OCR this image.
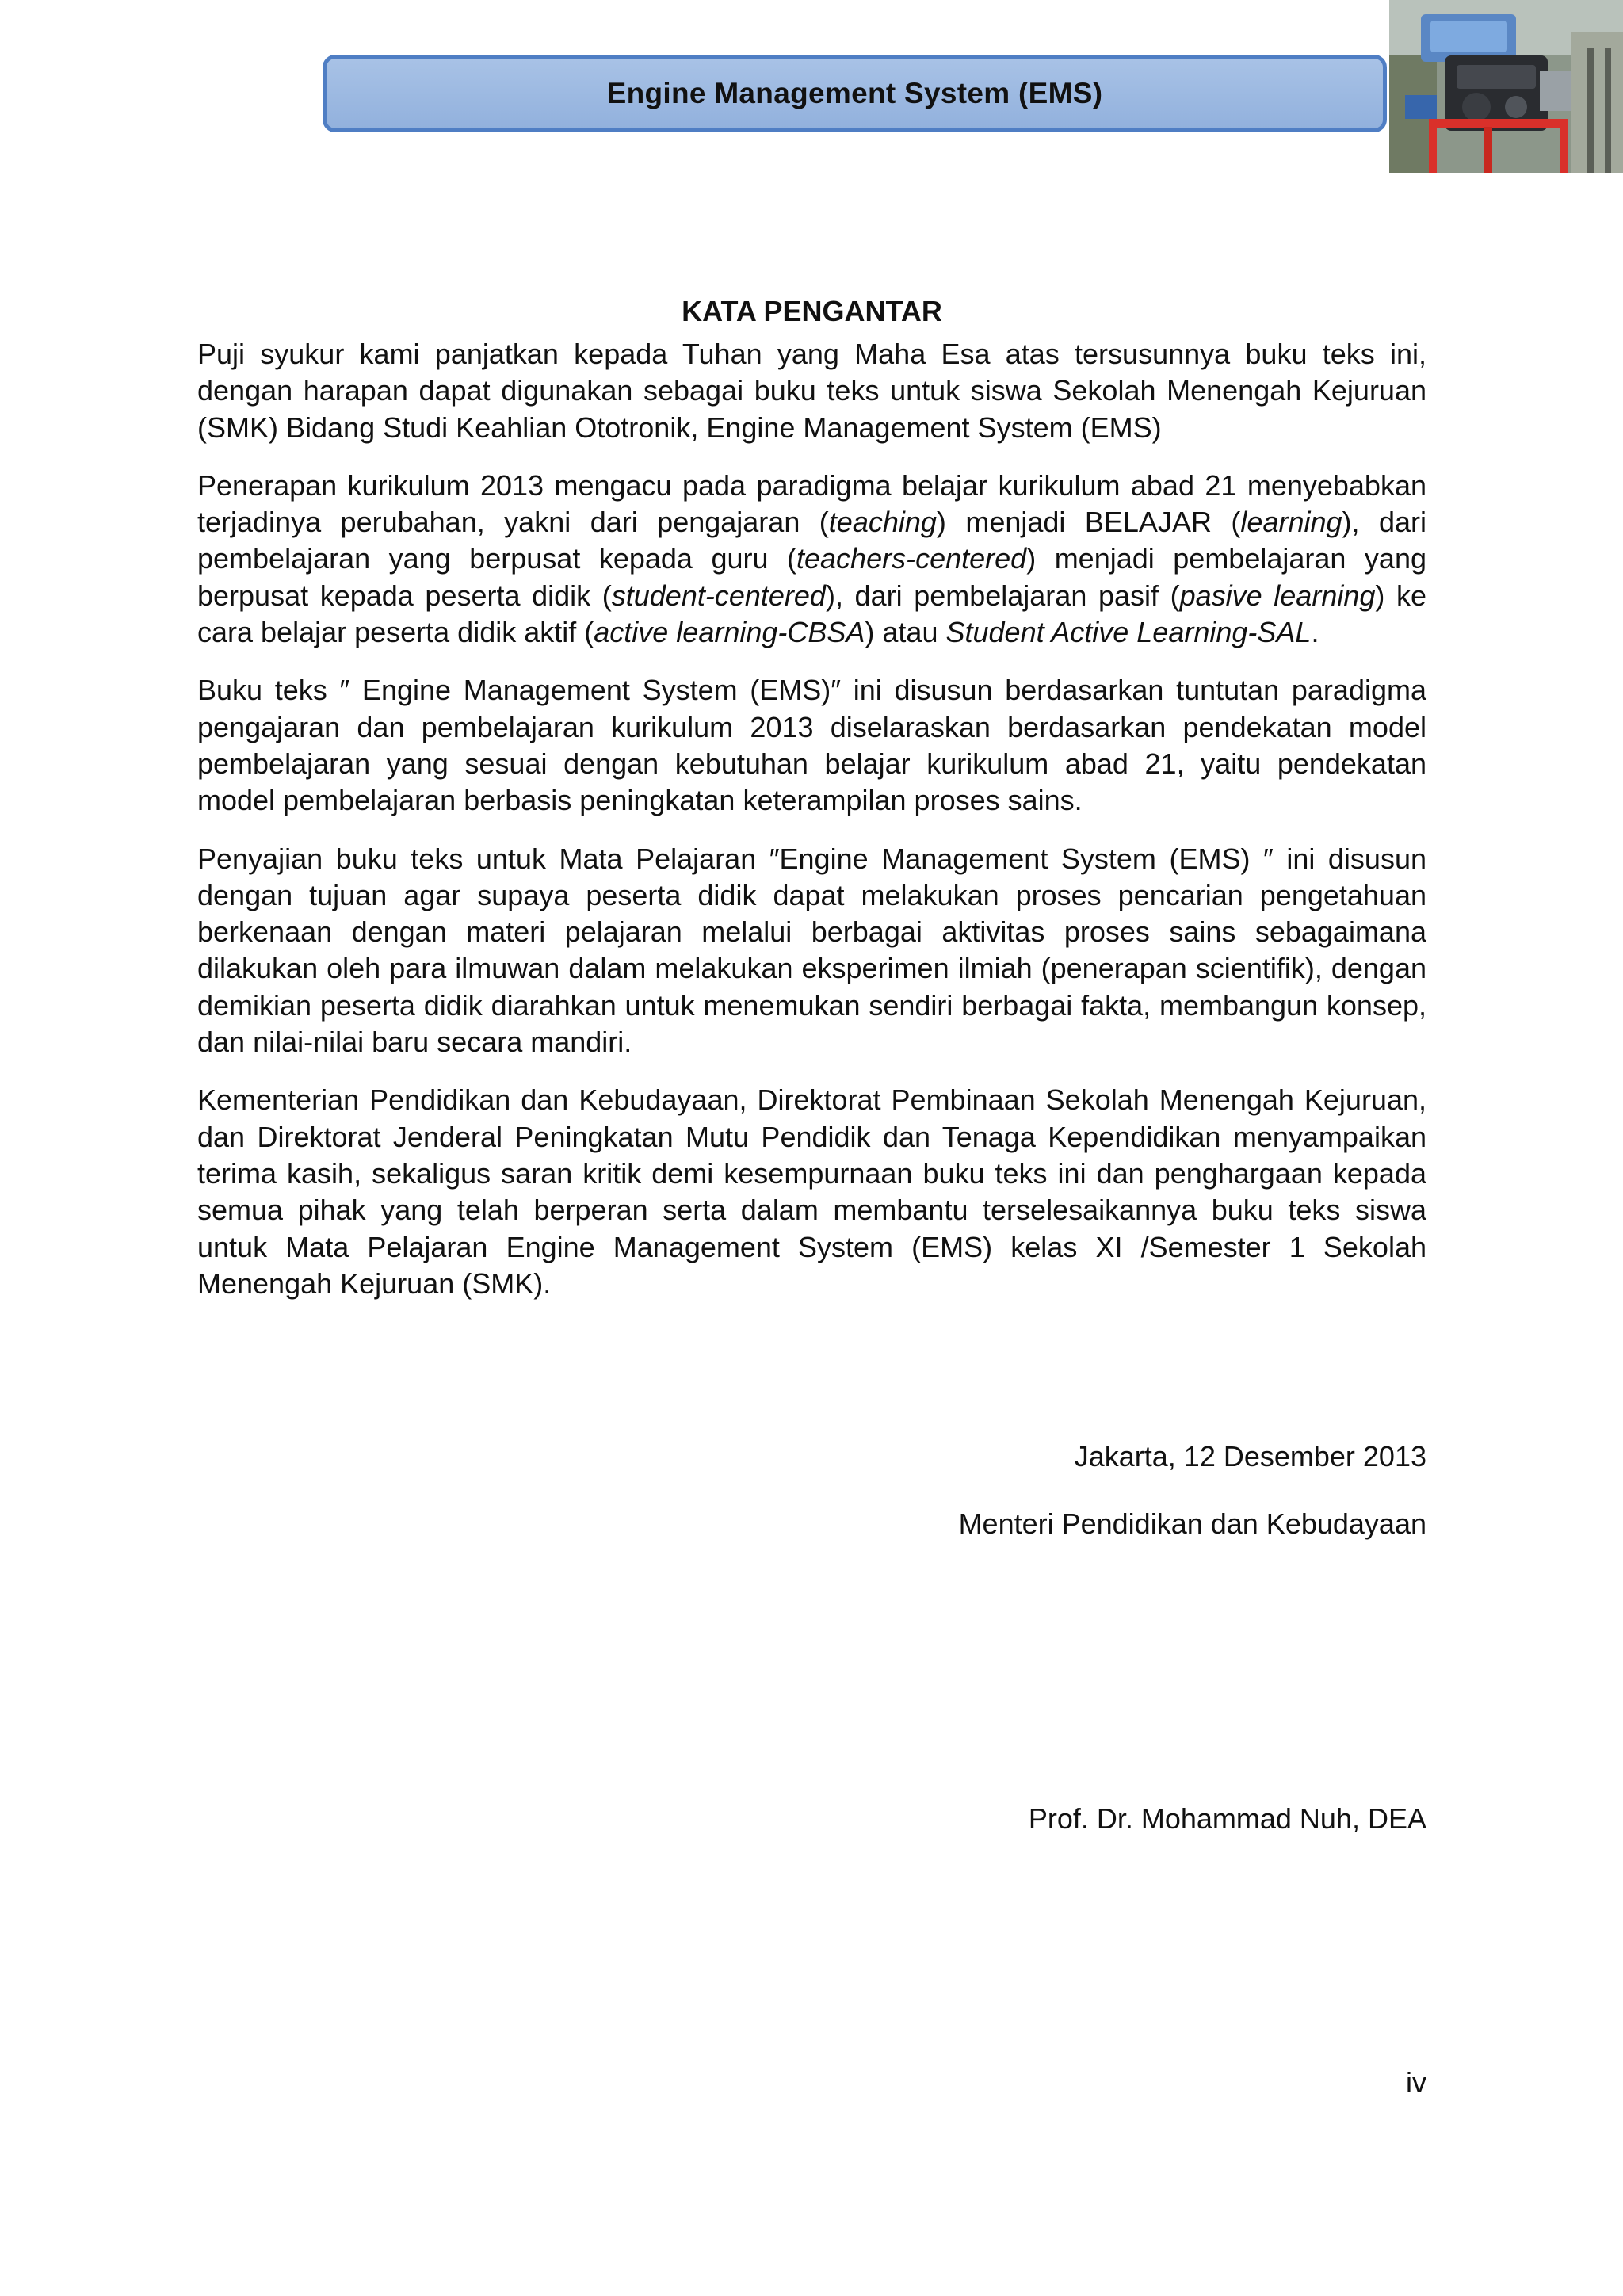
Engine Management System (EMS)
KATA PENGANTAR

Puji syukur kami panjatkan kepada Tuhan yang Maha Esa atas tersusunnya buku teks ini, dengan harapan dapat digunakan sebagai buku teks untuk siswa Sekolah Menengah Kejuruan (SMK) Bidang Studi Keahlian Ototronik, Engine Management System (EMS)

Penerapan kurikulum 2013 mengacu pada paradigma belajar kurikulum abad 21 menyebabkan terjadinya perubahan, yakni dari pengajaran (teaching) menjadi BELAJAR (learning), dari pembelajaran yang berpusat kepada guru (teachers-centered) menjadi pembelajaran yang berpusat kepada peserta didik (student-centered), dari pembelajaran pasif (pasive learning) ke cara belajar peserta didik aktif (active learning-CBSA) atau Student Active Learning-SAL.

Buku teks ″ Engine Management System (EMS)″ ini disusun berdasarkan tuntutan paradigma pengajaran dan pembelajaran kurikulum 2013 diselaraskan berdasarkan pendekatan model pembelajaran yang sesuai dengan kebutuhan belajar kurikulum abad 21, yaitu pendekatan model pembelajaran berbasis peningkatan keterampilan proses sains.

Penyajian buku teks untuk Mata Pelajaran ″Engine Management System (EMS) ″ ini disusun dengan tujuan agar supaya peserta didik dapat melakukan proses pencarian pengetahuan berkenaan dengan materi pelajaran melalui berbagai aktivitas proses sains sebagaimana dilakukan oleh para ilmuwan dalam melakukan eksperimen ilmiah (penerapan scientifik), dengan demikian peserta didik diarahkan untuk menemukan sendiri berbagai fakta, membangun konsep, dan nilai-nilai baru secara mandiri.

Kementerian Pendidikan dan Kebudayaan, Direktorat Pembinaan Sekolah Menengah Kejuruan, dan Direktorat Jenderal Peningkatan Mutu Pendidik dan Tenaga Kependidikan menyampaikan terima kasih, sekaligus saran kritik demi kesempurnaan buku teks ini dan penghargaan kepada semua pihak yang telah berperan serta dalam membantu terselesaikannya buku teks siswa untuk Mata Pelajaran Engine Management System (EMS) kelas XI /Semester 1 Sekolah Menengah Kejuruan (SMK).

Jakarta, 12 Desember 2013
Menteri Pendidikan dan Kebudayaan
Prof. Dr. Mohammad Nuh, DEA
iv
